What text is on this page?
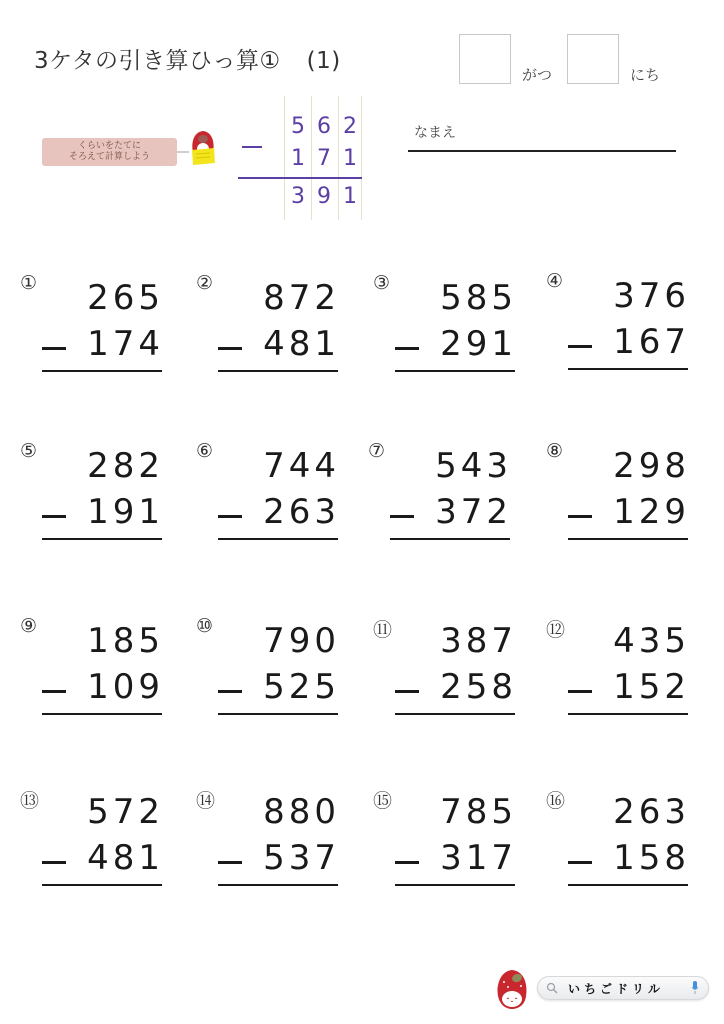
3ケタの引き算ひっ算① (1)
がつ	にち
なまえ
くらいをたてに
そろえて計算しよう
5 6 2
1 7 1
3 9 1
① 265
174
② 872
481
③ 585
291
④ 376
167
⑤ 282
191
⑥ 744
263
⑦ 543
372
⑧ 298
129
⑨ 185
109
⑩ 790
525
⑪ 387
258
⑫ 435
152
⑬ 572
481
⑭ 880
537
⑮ 785
317
⑯ 263
158
いちごドリル
